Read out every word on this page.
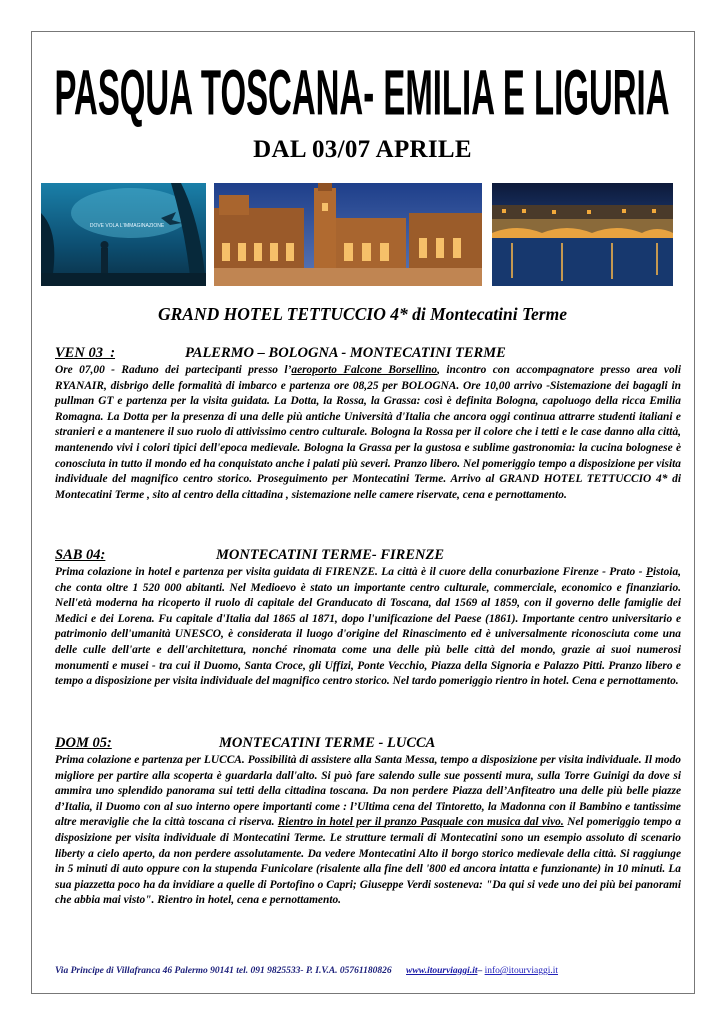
PASQUA TOSCANA- EMILIA E LIGURIA
DAL 03/07 APRILE
DOVE VOLA L'IMMAGINAZIONE
GRAND HOTEL TETTUCCIO 4* di Montecatini Terme
VEN 03  :	PALERMO – BOLOGNA - MONTECATINI TERME
Ore 07,00 - Raduno dei partecipanti presso l’aeroporto Falcone Borsellino, incontro con accompagnatore presso area voli RYANAIR, disbrigo delle formalità di imbarco e partenza ore 08,25 per BOLOGNA. Ore 10,00 arrivo -Sistemazione dei bagagli in pullman GT e partenza per la visita guidata. La Dotta, la Rossa, la Grassa: così è definita Bologna, capoluogo della ricca Emilia Romagna. La Dotta per la presenza di una delle più antiche Università d'Italia che ancora oggi continua attrarre studenti italiani e stranieri e a mantenere il suo ruolo di attivissimo centro culturale. Bologna la Rossa per il colore che i tetti e le case danno alla città, mantenendo vivi i colori tipici dell'epoca medievale. Bologna la Grassa per la gustosa e sublime gastronomia: la cucina bolognese è conosciuta in tutto il mondo ed ha conquistato anche i palati più severi. Pranzo libero. Nel pomeriggio tempo a disposizione per visita individuale del magnifico centro storico. Proseguimento per Montecatini Terme. Arrivo al GRAND HOTEL TETTUCCIO 4* di Montecatini Terme , sito al centro della cittadina , sistemazione nelle camere riservate, cena e pernottamento.
SAB 04:	MONTECATINI TERME- FIRENZE
Prima colazione in hotel e partenza per visita guidata di FIRENZE. La città è il cuore della conurbazione Firenze - Prato - Pistoia, che conta oltre 1 520 000 abitanti. Nel Medioevo è stato un importante centro culturale, commerciale, economico e finanziario. Nell'età moderna ha ricoperto il ruolo di capitale del Granducato di Toscana, dal 1569 al 1859, con il governo delle famiglie dei Medici e dei Lorena. Fu capitale d'Italia dal 1865 al 1871, dopo l'unificazione del Paese (1861). Importante centro universitario e patrimonio dell'umanità UNESCO, è considerata il luogo d'origine del Rinascimento ed è universalmente riconosciuta come una delle culle dell'arte e dell'architettura, nonché rinomata come una delle più belle città del mondo, grazie ai suoi numerosi monumenti e musei - tra cui il Duomo, Santa Croce, gli Uffizi, Ponte Vecchio, Piazza della Signoria e Palazzo Pitti. Pranzo libero e tempo a disposizione per visita individuale del magnifico centro storico. Nel tardo pomeriggio rientro in hotel. Cena e pernottamento.
DOM 05:	MONTECATINI TERME - LUCCA
Prima colazione e partenza per LUCCA. Possibilità di assistere alla Santa Messa, tempo a disposizione per visita individuale. Il modo migliore per partire alla scoperta è guardarla dall'alto. Si può fare salendo sulle sue possenti mura, sulla Torre Guinigi da dove si ammira uno splendido panorama sui tetti della cittadina toscana. Da non perdere Piazza dell’Anfiteatro una delle più belle piazze d’Italia, il Duomo con al suo interno opere importanti come : l’Ultima cena del Tintoretto, la Madonna con il Bambino e tantissime altre meraviglie che la città toscana ci riserva. Rientro in hotel per il pranzo Pasquale con musica dal vivo. Nel pomeriggio tempo a disposizione per visita individuale di Montecatini Terme. Le strutture termali di Montecatini sono un esempio assoluto di scenario liberty a cielo aperto, da non perdere assolutamente. Da vedere Montecatini Alto il borgo storico medievale della città. Si raggiunge in 5 minuti di auto oppure con la stupenda Funicolare (risalente alla fine dell '800 ed ancora intatta e funzionante) in 10 minuti. La sua piazzetta poco ha da invidiare a quelle di Portofino o Capri; Giuseppe Verdi sosteneva: "Da qui si vede uno dei più bei panorami che abbia mai visto". Rientro in hotel, cena e pernottamento.
Via Principe di Villafranca 46 Palermo 90141 tel. 091 9825533- P. I.V.A. 05761180826 www.itourviaggi.it– info@itourviaggi.it
